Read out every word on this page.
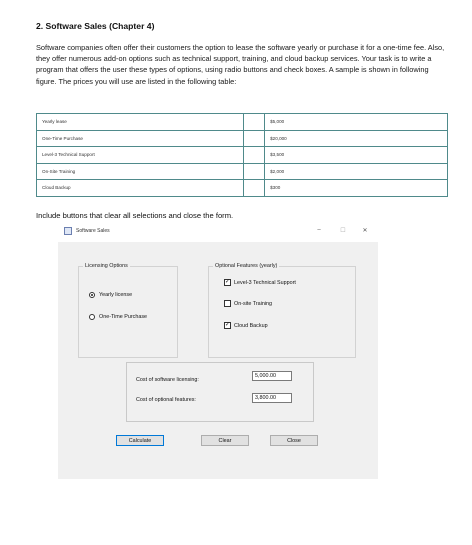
2. Software Sales (Chapter 4)
Software companies often offer their customers the option to lease the software yearly or purchase it for a one-time fee. Also, they offer numerous add-on options such as technical support, training, and cloud backup services. Your task is to write a program that offers the user these types of options, using radio buttons and check boxes. A sample is shown in following figure. The prices you will use are listed in the following table:
Yearly lease		$5,000
One-Time Purchase		$20,000
Level-3 Technical Support		$3,500
On-Site Training		$2,000
Cloud Backup		$300
Include buttons that clear all selections and close the form.
Software Sales	–	☐	✕
Licensing Options
Yearly license
One-Time Purchase
Optional Features (yearly)
✓ Level-3 Technical Support
On-site Training
✓ Cloud Backup
Cost of software licensing:
5,000.00
Cost of optional features:	3,800.00
Calculate	Clear	Close
